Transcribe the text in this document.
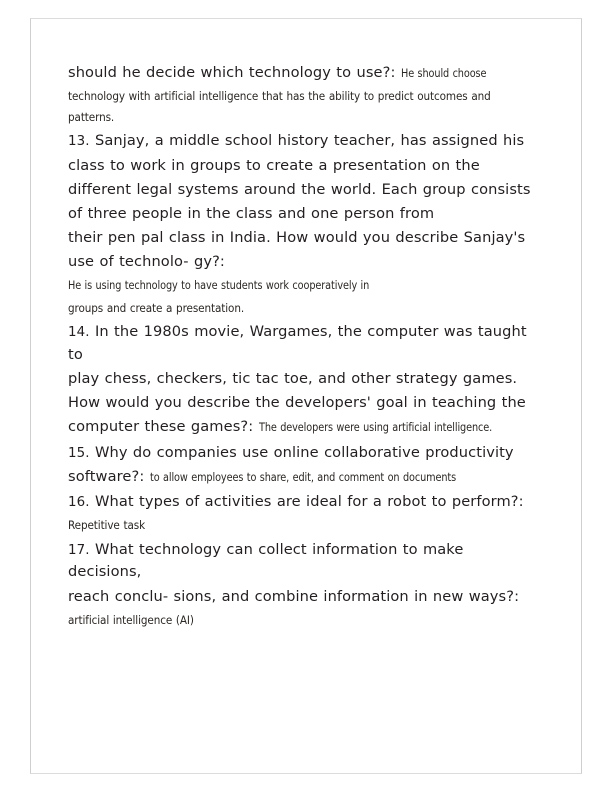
should he decide which technology to use?: He should choose

technology with artificial intelligence that has the ability to predict outcomes and patterns.

13. Sanjay, a middle school history teacher, has assigned his

class to work in groups to create a presentation on the

different legal systems around the world. Each group consists

of three people in the class and one person from

their pen pal class in India. How would you describe Sanjay's

use of technolo- gy?: He is using technology to have students work cooperatively in

groups and create a presentation.

14. In the 1980s movie, Wargames, the computer was taught to

play chess, checkers, tic tac toe, and other strategy games.

How would you describe the developers' goal in teaching the

computer these games?: The developers were using artificial intelligence.

15. Why do companies use online collaborative productivity

software?: to allow employees to share, edit, and comment on documents

16. What types of activities are ideal for a robot to perform?:

Repetitive task

17. What technology can collect information to make decisions,

reach conclu- sions, and combine information in new ways?:

artificial intelligence (AI)
